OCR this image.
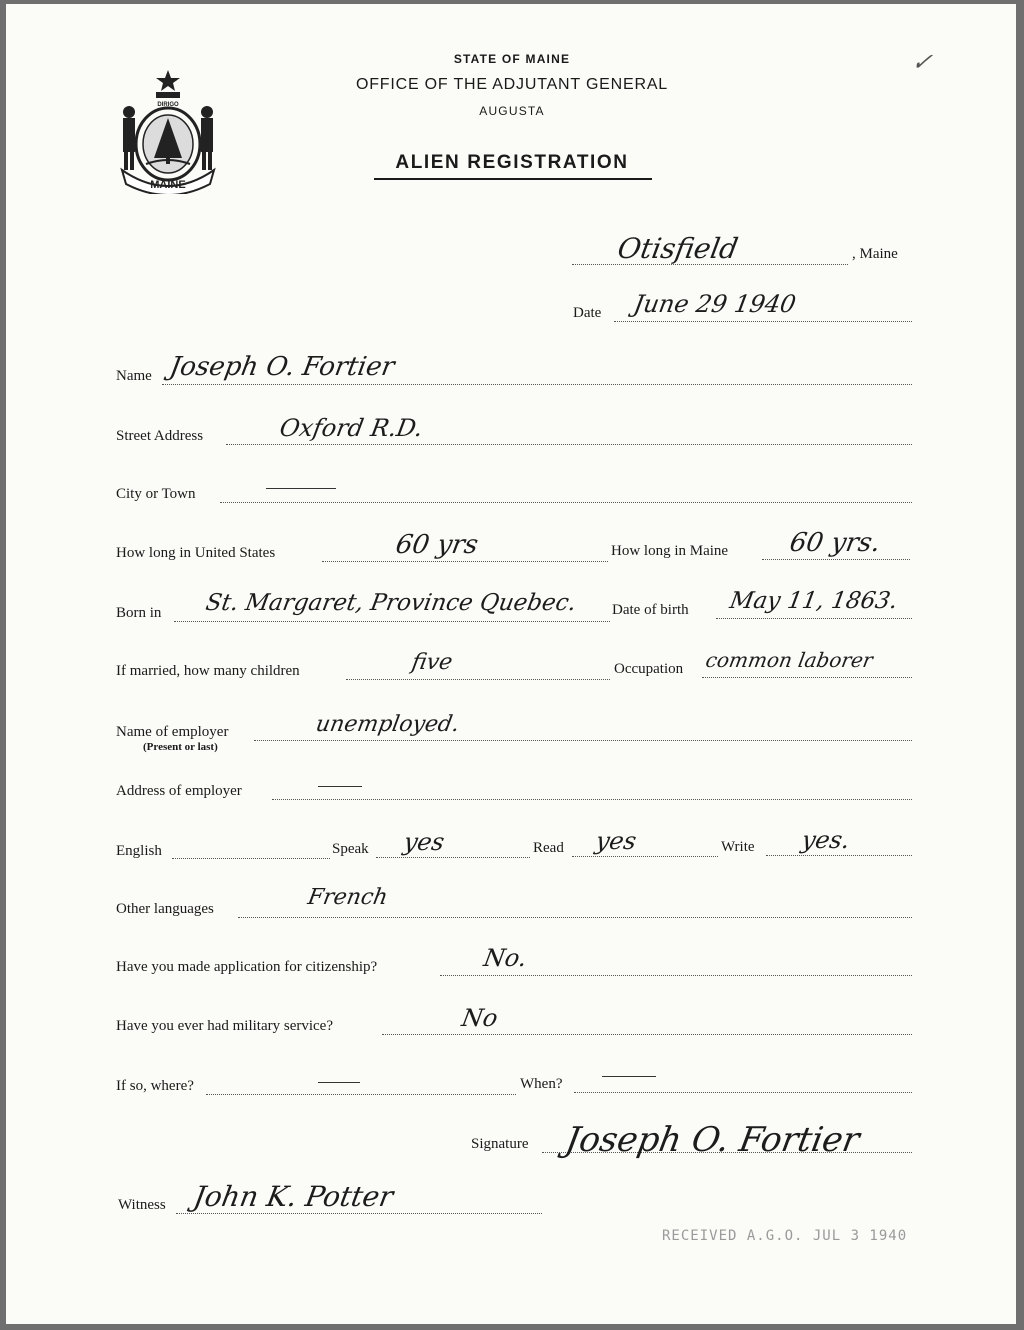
MAINE
DIRIGO
STATE OF MAINE
OFFICE OF THE ADJUTANT GENERAL
AUGUSTA
ALIEN REGISTRATION
✓
Otisfield	, Maine
Date June 29 1940
Name Joseph O. Fortier
Street Address	Oxford R.D.
City or Town
How long in United States	60 yrs	How long in Maine 60 yrs.
Born in St. Margaret, Province Quebec. Date of birth May 11, 1863.
If married, how many children	five	Occupation common laborer
Name of employer
(Present or last)
unemployed.
Address of employer
English	Speak yes	Read yes	Write yes.
Other languages	French
Have you made application for citizenship?	No.
Have you ever had military service?	No
If so, where?	When?
Signature Joseph O. Fortier
Witness John K. Potter
RECEIVED A.G.O. JUL 3 1940
